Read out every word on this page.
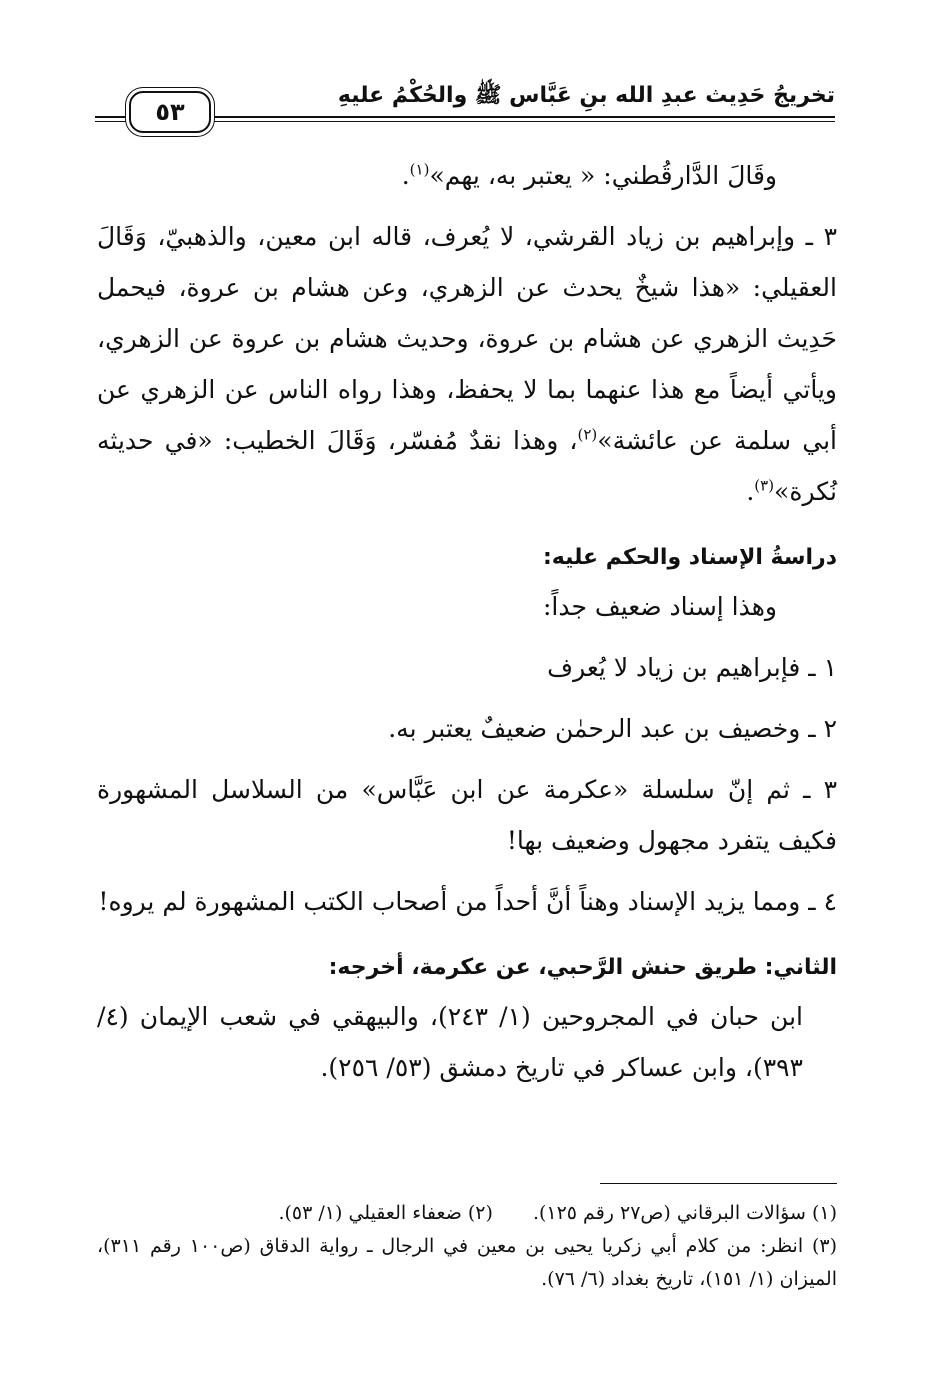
تخريجُ حَدِيث عبدِ الله بنِ عَبَّاس ﷺ والحُكْمُ عليهِ
٥٣

وقَالَ الدَّارقُطني: « يعتبر به، يهم»$^{(١)}$.

٣ ـ وإبراهيم بن زياد القرشي، لا يُعرف، قاله ابن معين، والذهبيّ، وَقَالَ العقيلي: «هذا شيخٌ يحدث عن الزهري، وعن هشام بن عروة، فيحمل حَدِيث الزهري عن هشام بن عروة، وحديث هشام بن عروة عن الزهري، ويأتي أيضاً مع هذا عنهما بما لا يحفظ، وهذا رواه الناس عن الزهري عن أبي سلمة عن عائشة»$^{(٢)}$، وهذا نقدٌ مُفسّر، وَقَالَ الخطيب: «في حديثه نُكرة»$^{(٣)}$.

دراسةُ الإسناد والحكم عليه:

وهذا إسناد ضعيف جداً:

١ ـ فإبراهيم بن زياد لا يُعرف

٢ ـ وخصيف بن عبد الرحمٰن ضعيفٌ يعتبر به.

٣ ـ ثم إنّ سلسلة «عكرمة عن ابن عَبَّاس» من السلاسل المشهورة فكيف يتفرد مجهول وضعيف بها!

٤ ـ ومما يزيد الإسناد وهناً أنَّ أحداً من أصحاب الكتب المشهورة لم يروه!

الثاني: طريق حنش الرَّحبي، عن عكرمة، أخرجه:

ابن حبان في المجروحين (١/ ٢٤٣)، والبيهقي في شعب الإيمان (٤/ ٣٩٣)، وابن عساكر في تاريخ دمشق (٥٣/ ٢٥٦).

(١) سؤالات البرقاني (ص٢٧ رقم ١٢٥).(٢) ضعفاء العقيلي (١/ ٥٣).

(٣) انظر: من كلام أبي زكريا يحيى بن معين في الرجال ـ رواية الدقاق (ص١٠٠ رقم ٣١١)، الميزان (١/ ١٥١)، تاريخ بغداد (٦/ ٧٦).
